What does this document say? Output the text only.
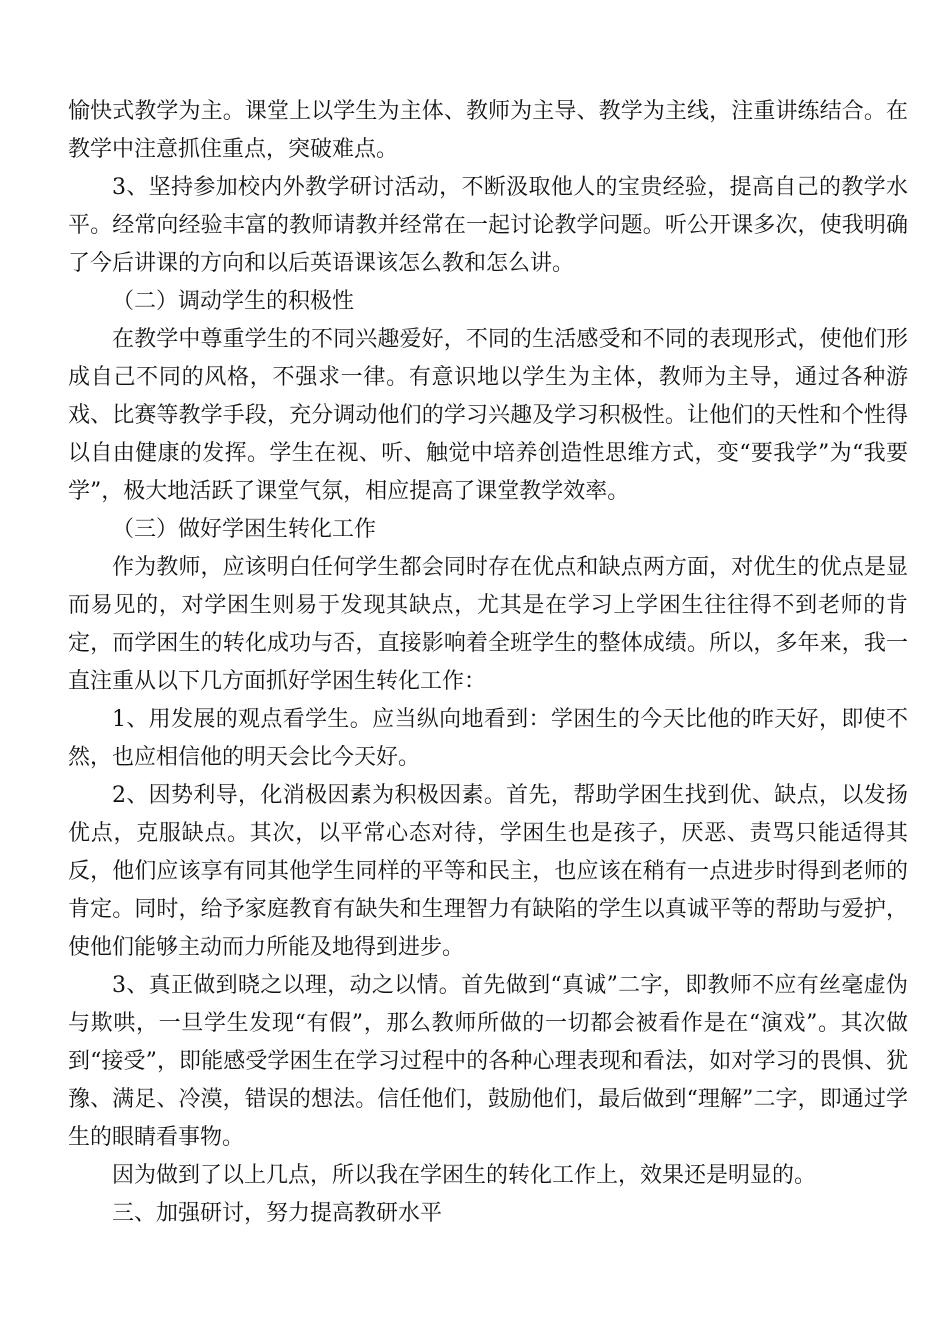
愉快式教学为主。课堂上以学生为主体、教师为主导、教学为主线，注重讲练结合。在教学中注意抓住重点，突破难点。

3、坚持参加校内外教学研讨活动，不断汲取他人的宝贵经验，提高自己的教学水平。经常向经验丰富的教师请教并经常在一起讨论教学问题。听公开课多次，使我明确了今后讲课的方向和以后英语课该怎么教和怎么讲。

（二）调动学生的积极性

在教学中尊重学生的不同兴趣爱好，不同的生活感受和不同的表现形式，使他们形成自己不同的风格，不强求一律。有意识地以学生为主体，教师为主导，通过各种游戏、比赛等教学手段，充分调动他们的学习兴趣及学习积极性。让他们的天性和个性得以自由健康的发挥。学生在视、听、触觉中培养创造性思维方式，变“要我学”为“我要学”，极大地活跃了课堂气氛，相应提高了课堂教学效率。

（三）做好学困生转化工作

作为教师，应该明白任何学生都会同时存在优点和缺点两方面，对优生的优点是显而易见的，对学困生则易于发现其缺点，尤其是在学习上学困生往往得不到老师的肯定，而学困生的转化成功与否，直接影响着全班学生的整体成绩。所以，多年来，我一直注重从以下几方面抓好学困生转化工作：

1、用发展的观点看学生。应当纵向地看到：学困生的今天比他的昨天好，即使不然，也应相信他的明天会比今天好。

2、因势利导，化消极因素为积极因素。首先，帮助学困生找到优、缺点，以发扬优点，克服缺点。其次，以平常心态对待，学困生也是孩子，厌恶、责骂只能适得其反，他们应该享有同其他学生同样的平等和民主，也应该在稍有一点进步时得到老师的肯定。同时，给予家庭教育有缺失和生理智力有缺陷的学生以真诚平等的帮助与爱护，使他们能够主动而力所能及地得到进步。

3、真正做到晓之以理，动之以情。首先做到“真诚”二字，即教师不应有丝毫虚伪与欺哄，一旦学生发现“有假”，那么教师所做的一切都会被看作是在“演戏”。其次做到“接受”，即能感受学困生在学习过程中的各种心理表现和看法，如对学习的畏惧、犹豫、满足、冷漠，错误的想法。信任他们，鼓励他们，最后做到“理解”二字，即通过学生的眼睛看事物。

因为做到了以上几点，所以我在学困生的转化工作上，效果还是明显的。

三、加强研讨，努力提高教研水平
